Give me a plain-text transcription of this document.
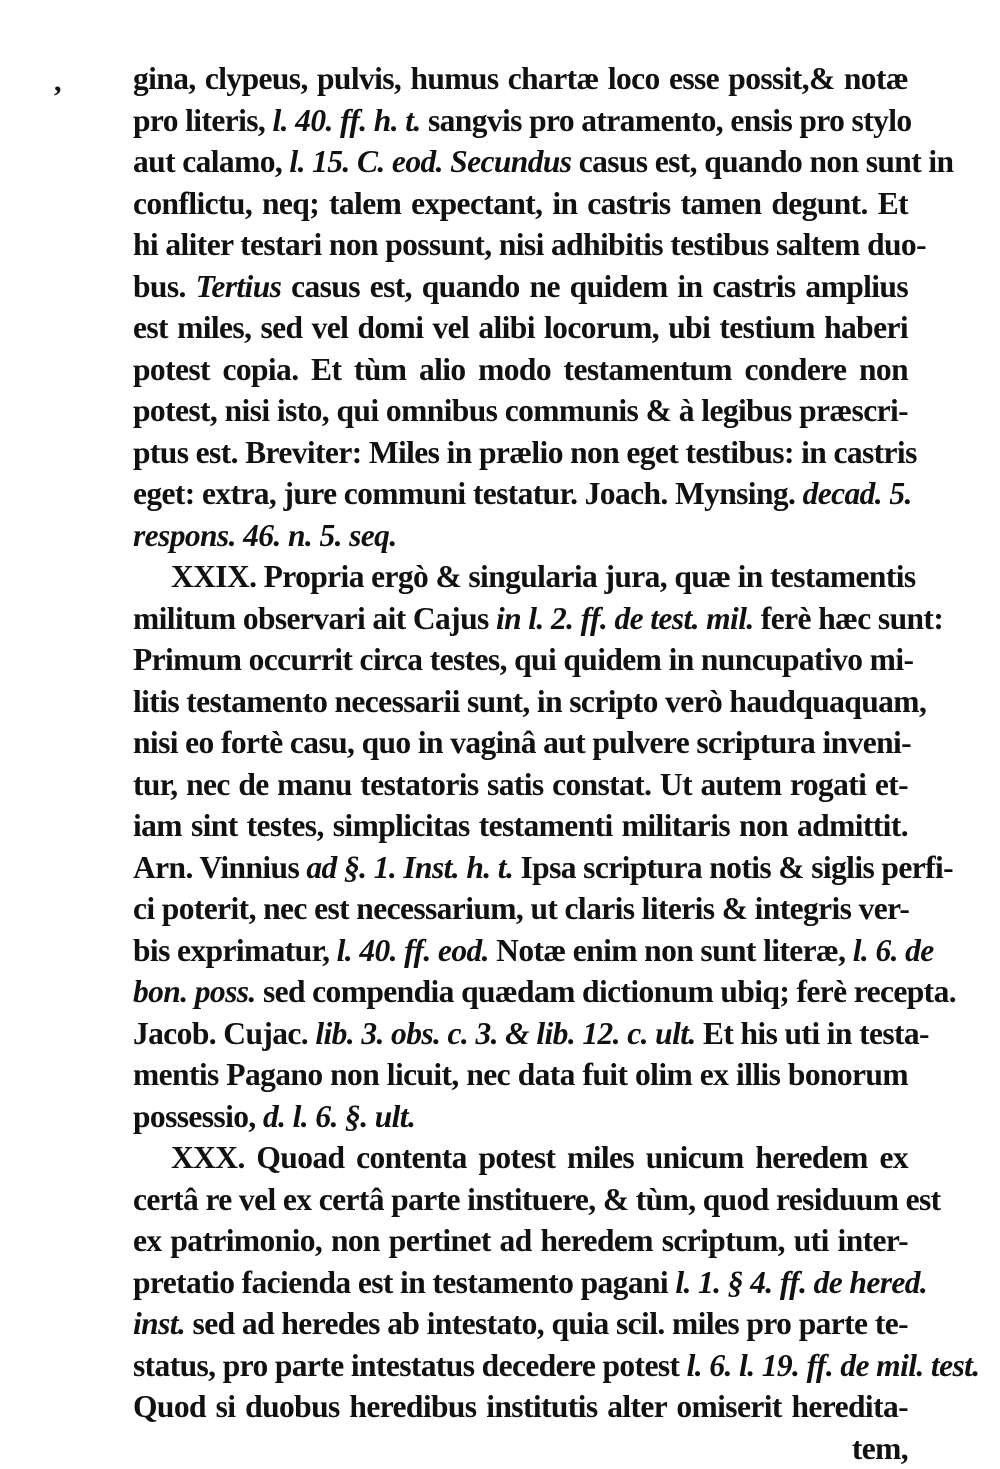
, gina, clypeus, pulvis, humus chartæ loco esse possit,& notæ
pro literis, l. 40. ff. h. t. sangvis pro atramento, ensis pro stylo
aut calamo, l. 15. C. eod. Secundus casus est, quando non sunt in
conflictu, neq; talem expectant, in castris tamen degunt. Et
hi aliter testari non possunt, nisi adhibitis testibus saltem duo-
bus. Tertius casus est, quando ne quidem in castris amplius
est miles, sed vel domi vel alibi locorum, ubi testium haberi
potest copia. Et tùm alio modo testamentum condere non
potest, nisi isto, qui omnibus communis & à legibus præscri-
ptus est. Breviter: Miles in prælio non eget testibus: in castris
eget: extra, jure communi testatur. Joach. Mynsing. decad. 5.
respons. 46. n. 5. seq.
XXIX. Propria ergò & singularia jura, quæ in testamentis
militum observari ait Cajus in l. 2. ff. de test. mil. ferè hæc sunt:
Primum occurrit circa testes, qui quidem in nuncupativo mi-
litis testamento necessarii sunt, in scripto verò haudquaquam,
nisi eo fortè casu, quo in vaginâ aut pulvere scriptura inveni-
tur, nec de manu testatoris satis constat. Ut autem rogati et-
iam sint testes, simplicitas testamenti militaris non admittit.
Arn. Vinnius ad §. 1. Inst. h. t. Ipsa scriptura notis & siglis perfi-
ci poterit, nec est necessarium, ut claris literis & integris ver-
bis exprimatur, l. 40. ff. eod. Notæ enim non sunt literæ, l. 6. de
bon. poss. sed compendia quædam dictionum ubiq; ferè recepta.
Jacob. Cujac. lib. 3. obs. c. 3. & lib. 12. c. ult. Et his uti in testa-
mentis Pagano non licuit, nec data fuit olim ex illis bonorum
possessio, d. l. 6. §. ult.
XXX. Quoad contenta potest miles unicum heredem ex
certâ re vel ex certâ parte instituere, & tùm, quod residuum est
ex patrimonio, non pertinet ad heredem scriptum, uti inter-
pretatio facienda est in testamento pagani l. 1. § 4. ff. de hered.
inst. sed ad heredes ab intestato, quia scil. miles pro parte te-
status, pro parte intestatus decedere potest l. 6. l. 19. ff. de mil. test.
Quod si duobus heredibus institutis alter omiserit heredita-
tem,
